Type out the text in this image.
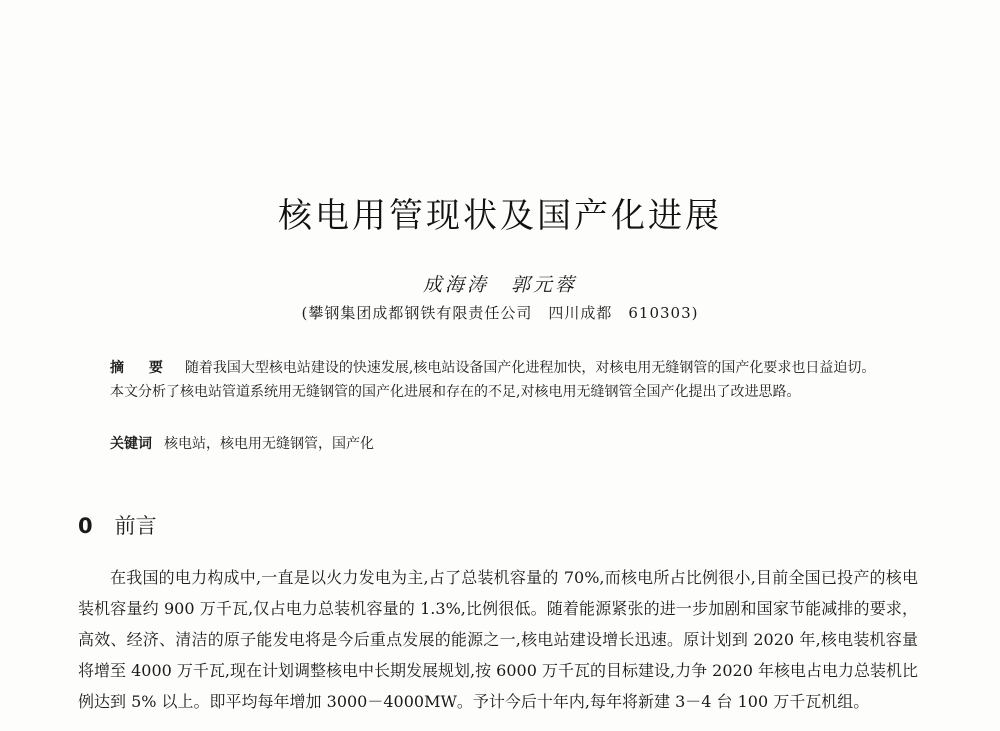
核电用管现状及国产化进展
成海涛　郭元蓉
(攀钢集团成都钢铁有限责任公司　四川成都　610303)
摘 要 随着我国大型核电站建设的快速发展,核电站设备国产化进程加快，对核电用无缝钢管的国产化要求也日益迫切。本文分析了核电站管道系统用无缝钢管的国产化进展和存在的不足,对核电用无缝钢管全国产化提出了改进思路。
关键词 核电站，核电用无缝钢管，国产化
0 前言
在我国的电力构成中,一直是以火力发电为主,占了总装机容量的 70%,而核电所占比例很小,目前全国已投产的核电装机容量约 900 万千瓦,仅占电力总装机容量的 1.3%,比例很低。随着能源紧张的进一步加剧和国家节能减排的要求，高效、经济、清洁的原子能发电将是今后重点发展的能源之一,核电站建设增长迅速。原计划到 2020 年,核电装机容量将增至 4000 万千瓦,现在计划调整核电中长期发展规划,按 6000 万千瓦的目标建设,力争 2020 年核电占电力总装机比例达到 5% 以上。即平均每年增加 3000－4000MW。予计今后十年内,每年将新建 3－4 台 100 万千瓦机组。
